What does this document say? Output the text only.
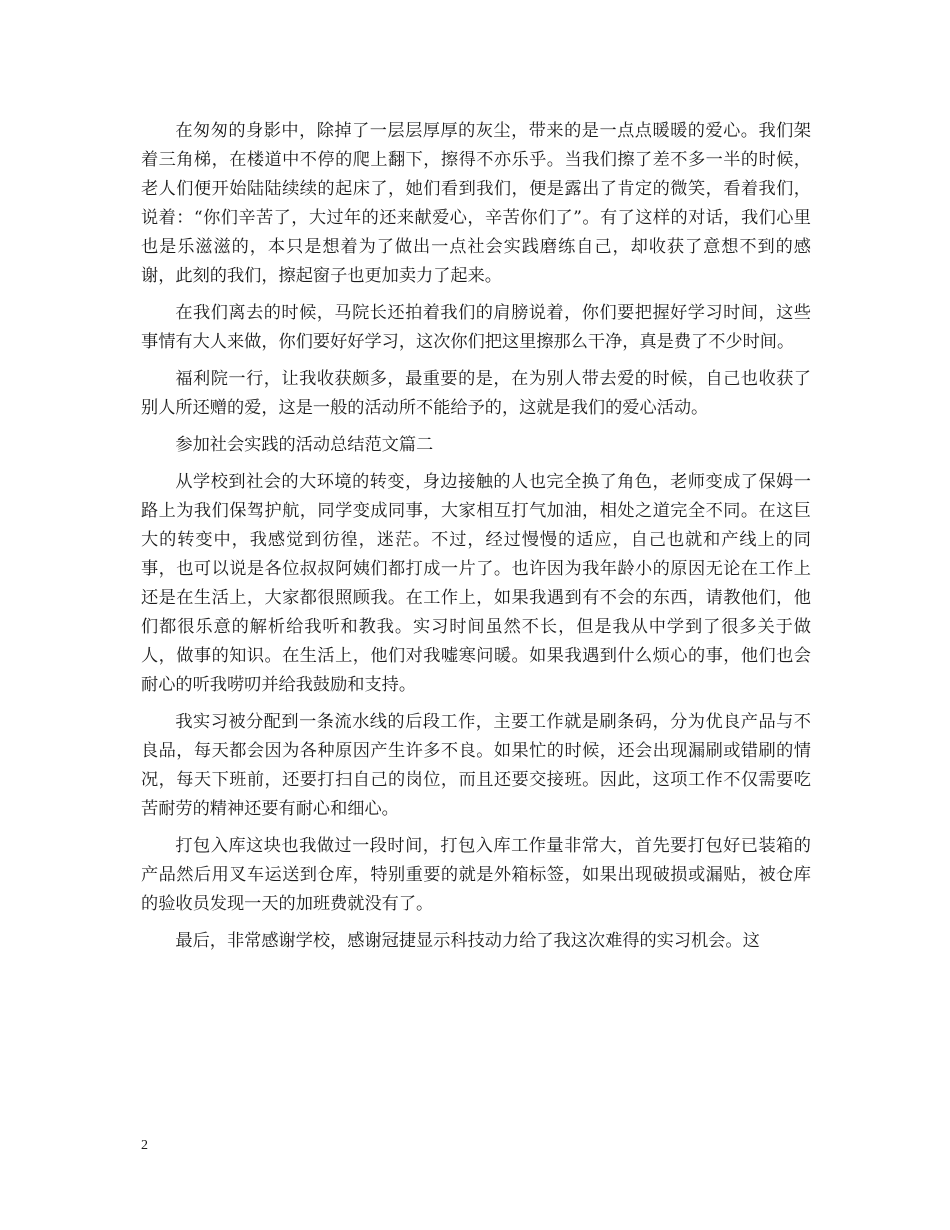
在匆匆的身影中，除掉了一层层厚厚的灰尘，带来的是一点点暖暖的爱心。我们架着三角梯，在楼道中不停的爬上翻下，擦得不亦乐乎。当我们擦了差不多一半的时候，老人们便开始陆陆续续的起床了，她们看到我们，便是露出了肯定的微笑，看着我们，说着：“你们辛苦了，大过年的还来献爱心，辛苦你们了”。有了这样的对话，我们心里也是乐滋滋的，本只是想着为了做出一点社会实践磨练自己，却收获了意想不到的感谢，此刻的我们，擦起窗子也更加卖力了起来。

在我们离去的时候，马院长还拍着我们的肩膀说着，你们要把握好学习时间，这些事情有大人来做，你们要好好学习，这次你们把这里擦那么干净，真是费了不少时间。

福利院一行，让我收获颇多，最重要的是，在为别人带去爱的时候，自己也收获了别人所还赠的爱，这是一般的活动所不能给予的，这就是我们的爱心活动。

参加社会实践的活动总结范文篇二

从学校到社会的大环境的转变，身边接触的人也完全换了角色，老师变成了保姆一路上为我们保驾护航，同学变成同事，大家相互打气加油，相处之道完全不同。在这巨大的转变中，我感觉到彷徨，迷茫。不过，经过慢慢的适应，自己也就和产线上的同事，也可以说是各位叔叔阿姨们都打成一片了。也许因为我年龄小的原因无论在工作上还是在生活上，大家都很照顾我。在工作上，如果我遇到有不会的东西，请教他们，他们都很乐意的解析给我听和教我。实习时间虽然不长，但是我从中学到了很多关于做人，做事的知识。在生活上，他们对我嘘寒问暖。如果我遇到什么烦心的事，他们也会耐心的听我唠叨并给我鼓励和支持。

我实习被分配到一条流水线的后段工作，主要工作就是刷条码，分为优良产品与不良品，每天都会因为各种原因产生许多不良。如果忙的时候，还会出现漏刷或错刷的情况，每天下班前，还要打扫自己的岗位，而且还要交接班。因此，这项工作不仅需要吃苦耐劳的精神还要有耐心和细心。

打包入库这块也我做过一段时间，打包入库工作量非常大，首先要打包好已装箱的产品然后用叉车运送到仓库，特别重要的就是外箱标签，如果出现破损或漏贴，被仓库的验收员发现一天的加班费就没有了。

最后，非常感谢学校，感谢冠捷显示科技动力给了我这次难得的实习机会。这

2
